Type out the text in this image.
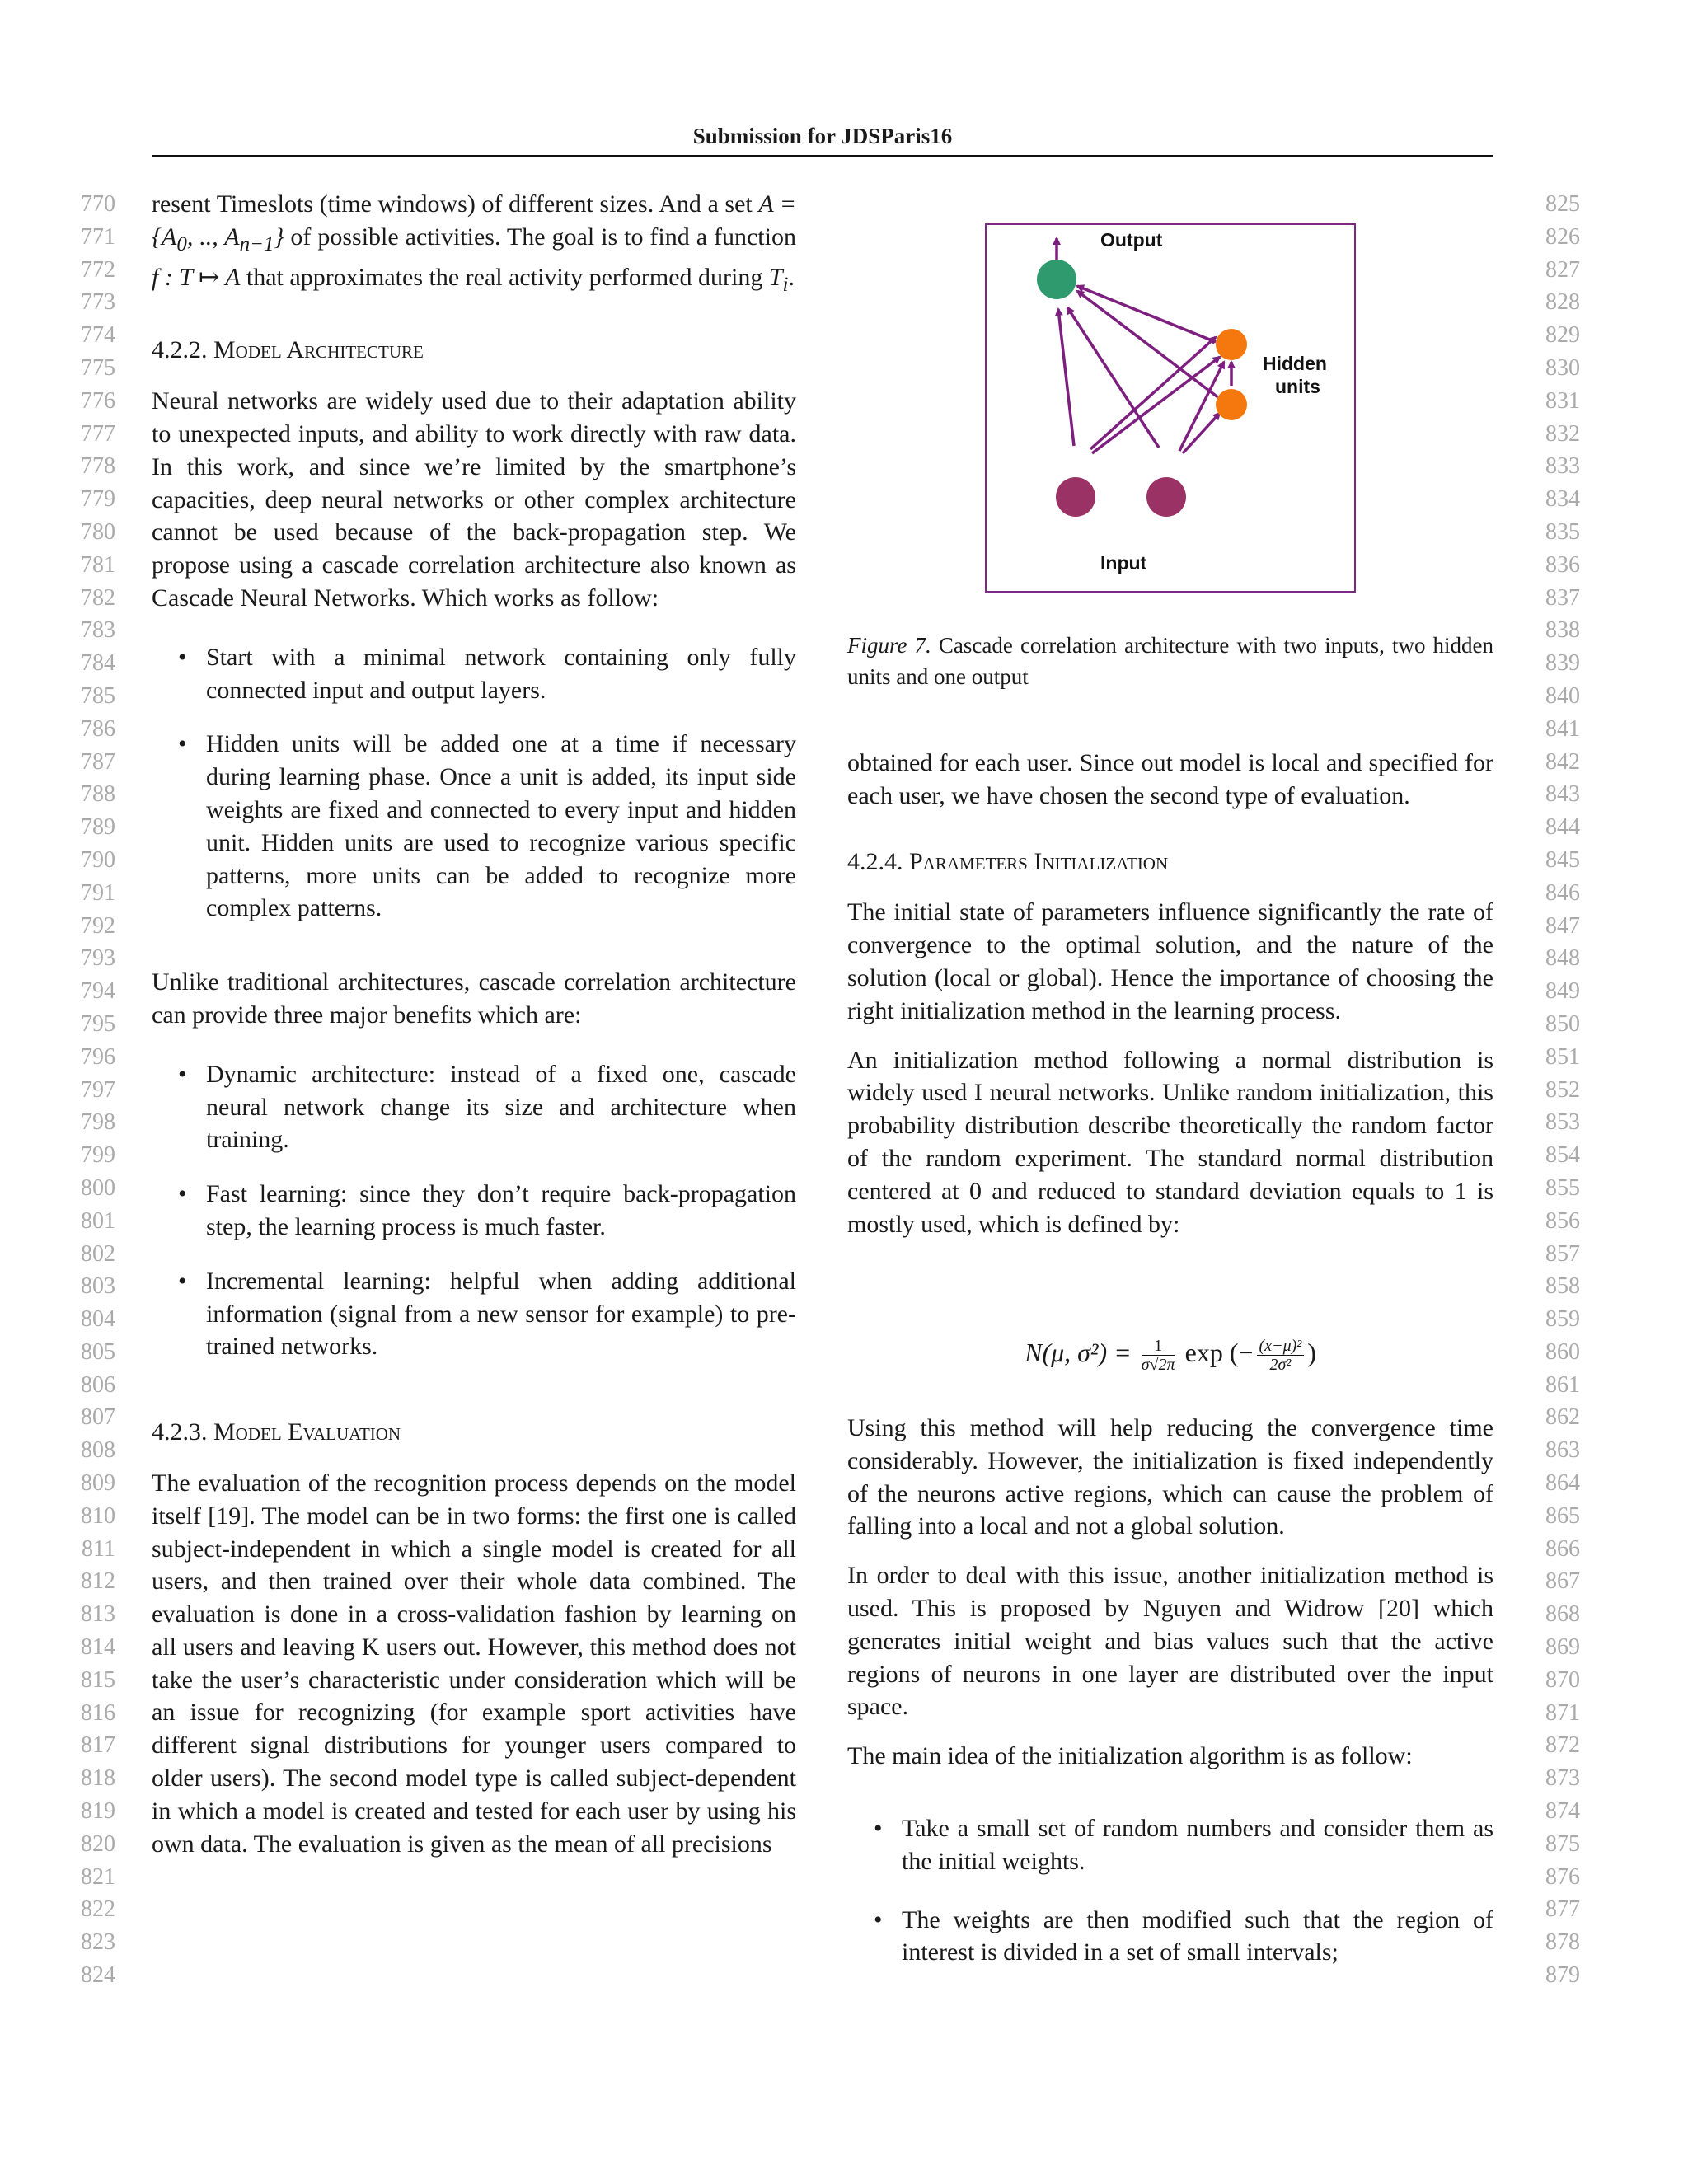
Submission for JDSParis16
770
771
772
773
774
775
776
777
778
779
780
781
782
783
784
785
786
787
788
789
790
791
792
793
794
795
796
797
798
799
800
801
802
803
804
805
806
807
808
809
810
811
812
813
814
815
816
817
818
819
820
821
822
823
824
825
826
827
828
829
830
831
832
833
834
835
836
837
838
839
840
841
842
843
844
845
846
847
848
849
850
851
852
853
854
855
856
857
858
859
860
861
862
863
864
865
866
867
868
869
870
871
872
873
874
875
876
877
878
879

resent Timeslots (time windows) of different sizes. And a set $A = \{A_0$, .., $A_{n-1}$} of possible activities. The goal is to find a function f : T ↦ A that approximates the real activity performed during $T_i$.

4.2.2. Model Architecture

Neural networks are widely used due to their adaptation ability to unexpected inputs, and ability to work directly with raw data. In this work, and since we’re limited by the smartphone’s capacities, deep neural networks or other complex architecture cannot be used because of the back-propagation step. We propose using a cascade correlation architecture also known as Cascade Neural Networks. Which works as follow:

• Start with a minimal network containing only fully connected input and output layers.
• Hidden units will be added one at a time if necessary during learning phase. Once a unit is added, its input side weights are fixed and connected to every input and hidden unit. Hidden units are used to recognize various specific patterns, more units can be added to recognize more complex patterns.

Unlike traditional architectures, cascade correlation architecture can provide three major benefits which are:

• Dynamic architecture: instead of a fixed one, cascade neural network change its size and architecture when training.
• Fast learning: since they don’t require back-propagation step, the learning process is much faster.
• Incremental learning: helpful when adding additional information (signal from a new sensor for example) to pre-trained networks.

4.2.3. Model Evaluation

The evaluation of the recognition process depends on the model itself [19]. The model can be in two forms: the first one is called subject-independent in which a single model is created for all users, and then trained over their whole data combined. The evaluation is done in a cross-validation fashion by learning on all users and leaving K users out. However, this method does not take the user’s characteristic under consideration which will be an issue for recognizing (for example sport activities have different signal distributions for younger users compared to older users). The second model type is called subject-dependent in which a model is created and tested for each user by using his own data. The evaluation is given as the mean of all precisions

Output
Hidden
units
Input
Figure 7. Cascade correlation architecture with two inputs, two hidden units and one output

obtained for each user. Since out model is local and specified for each user, we have chosen the second type of evaluation.

4.2.4. Parameters Initialization

The initial state of parameters influence significantly the rate of convergence to the optimal solution, and the nature of the solution (local or global). Hence the importance of choosing the right initialization method in the learning process.

An initialization method following a normal distribution is widely used I neural networks. Unlike random initialization, this probability distribution describe theoretically the random factor of the random experiment. The standard normal distribution centered at 0 and reduced to standard deviation equals to 1 is mostly used, which is defined by:

N(μ, $\sigma^2) = \frac{1}{\sigma√2\pi}$ exp (− $\frac{\text{(x−μ)²}}{\text{2σ²}}$ )

Using this method will help reducing the convergence time considerably. However, the initialization is fixed independently of the neurons active regions, which can cause the problem of falling into a local and not a global solution.

In order to deal with this issue, another initialization method is used. This is proposed by Nguyen and Widrow [20] which generates initial weight and bias values such that the active regions of neurons in one layer are distributed over the input space.

The main idea of the initialization algorithm is as follow:

• Take a small set of random numbers and consider them as the initial weights.
• The weights are then modified such that the region of interest is divided in a set of small intervals;
